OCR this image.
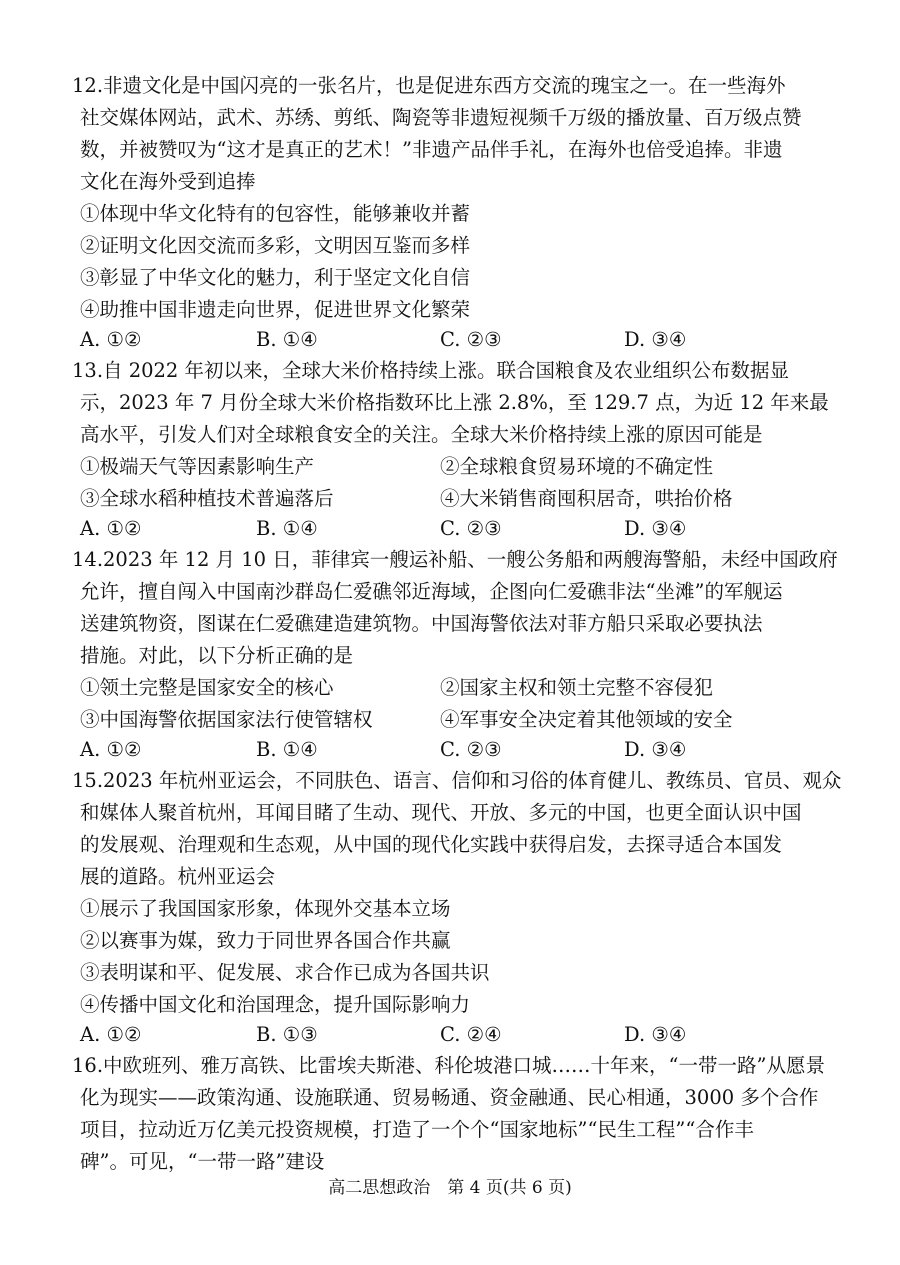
12.非遗文化是中国闪亮的一张名片，也是促进东西方交流的瑰宝之一。在一些海外
社交媒体网站，武术、苏绣、剪纸、陶瓷等非遗短视频千万级的播放量、百万级点赞
数，并被赞叹为“这才是真正的艺术！”非遗产品伴手礼，在海外也倍受追捧。非遗
文化在海外受到追捧
①体现中华文化特有的包容性，能够兼收并蓄
②证明文化因交流而多彩，文明因互鉴而多样
③彰显了中华文化的魅力，利于坚定文化自信
④助推中国非遗走向世界，促进世界文化繁荣
A. ①②	B. ①④	C. ②③	D. ③④
13.自 2022 年初以来，全球大米价格持续上涨。联合国粮食及农业组织公布数据显
示，2023 年 7 月份全球大米价格指数环比上涨 2.8%，至 129.7 点，为近 12 年来最
高水平，引发人们对全球粮食安全的关注。全球大米价格持续上涨的原因可能是
①极端天气等因素影响生产	②全球粮食贸易环境的不确定性
③全球水稻种植技术普遍落后	④大米销售商囤积居奇，哄抬价格
A. ①②	B. ①④	C. ②③	D. ③④
14.2023 年 12 月 10 日，菲律宾一艘运补船、一艘公务船和两艘海警船，未经中国政府
允许，擅自闯入中国南沙群岛仁爱礁邻近海域，企图向仁爱礁非法“坐滩”的军舰运
送建筑物资，图谋在仁爱礁建造建筑物。中国海警依法对菲方船只采取必要执法
措施。对此，以下分析正确的是
①领土完整是国家安全的核心	②国家主权和领土完整不容侵犯
③中国海警依据国家法行使管辖权	④军事安全决定着其他领域的安全
A. ①②	B. ①④	C. ②③	D. ③④
15.2023 年杭州亚运会，不同肤色、语言、信仰和习俗的体育健儿、教练员、官员、观众
和媒体人聚首杭州，耳闻目睹了生动、现代、开放、多元的中国，也更全面认识中国
的发展观、治理观和生态观，从中国的现代化实践中获得启发，去探寻适合本国发
展的道路。杭州亚运会
①展示了我国国家形象，体现外交基本立场
②以赛事为媒，致力于同世界各国合作共赢
③表明谋和平、促发展、求合作已成为各国共识
④传播中国文化和治国理念，提升国际影响力
A. ①②	B. ①③	C. ②④	D. ③④
16.中欧班列、雅万高铁、比雷埃夫斯港、科伦坡港口城……十年来，“一带一路”从愿景
化为现实——政策沟通、设施联通、贸易畅通、资金融通、民心相通，3000 多个合作
项目，拉动近万亿美元投资规模，打造了一个个“国家地标”“民生工程”“合作丰
碑”。可见，“一带一路”建设
高二思想政治　第 4 页(共 6 页)
